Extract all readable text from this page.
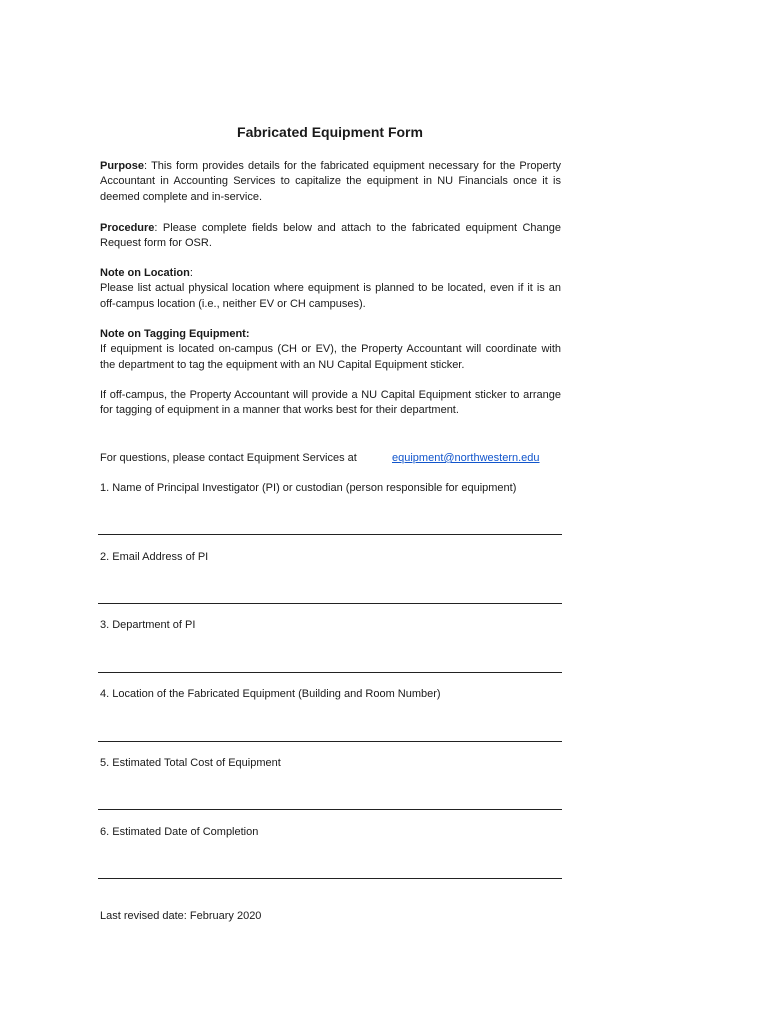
Fabricated Equipment Form
Purpose: This form provides details for the fabricated equipment necessary for the Property Accountant in Accounting Services to capitalize the equipment in NU Financials once it is deemed complete and in-service.
Procedure: Please complete fields below and attach to the fabricated equipment Change Request form for OSR.
Note on Location:
Please list actual physical location where equipment is planned to be located, even if it is an off-campus location (i.e., neither EV or CH campuses).
Note on Tagging Equipment:
If equipment is located on-campus (CH or EV), the Property Accountant will coordinate with the department to tag the equipment with an NU Capital Equipment sticker.
If off-campus, the Property Accountant will provide a NU Capital Equipment sticker to arrange for tagging of equipment in a manner that works best for their department.
For questions, please contact Equipment Services at	equipment@northwestern.edu
1. Name of Principal Investigator (PI) or custodian (person responsible for equipment)
2. Email Address of PI
3. Department of PI
4. Location of the Fabricated Equipment (Building and Room Number)
5. Estimated Total Cost of Equipment
6. Estimated Date of Completion
Last revised date: February 2020
